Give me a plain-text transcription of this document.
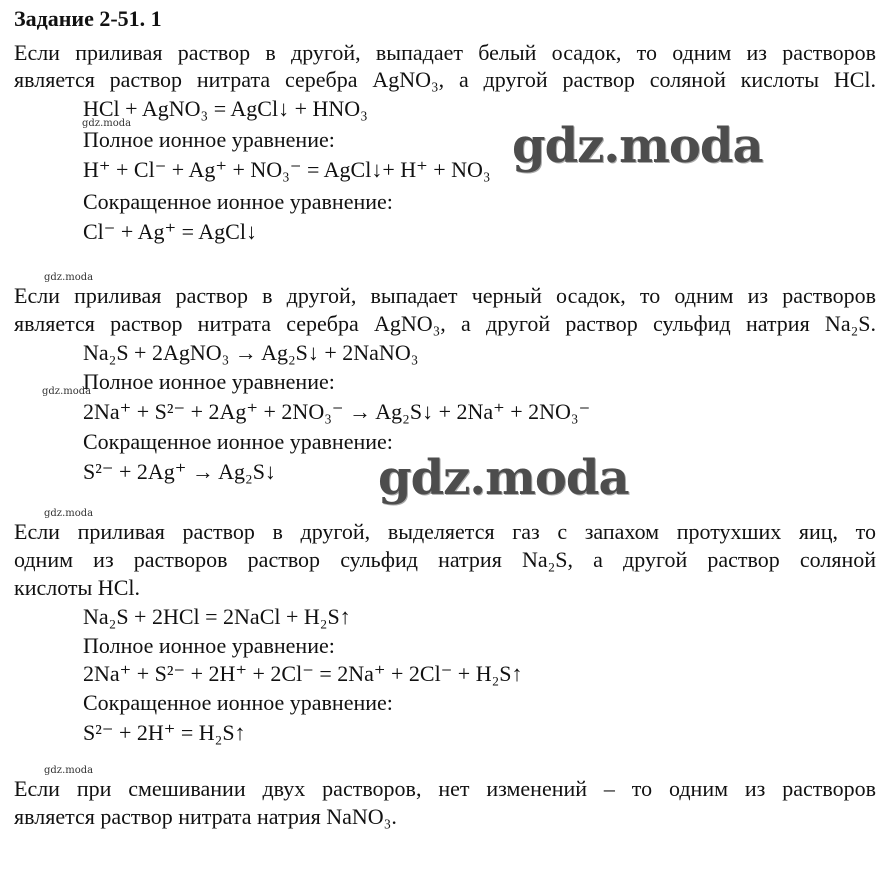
Задание 2-51. 1
Если приливая раствор в другой, выпадает белый осадок, то одним из растворов
является раствор нитрата серебра AgNO₃, а другой раствор соляной кислоты HCl.
HCl + AgNO₃ = AgCl↓ + HNO₃
Полное ионное уравнение:
H⁺ + Cl⁻ + Ag⁺ + NO₃⁻ = AgCl↓+ H⁺ + NO₃
Сокращенное ионное уравнение:
Cl⁻ + Ag⁺ = AgCl↓
Если приливая раствор в другой, выпадает черный осадок, то одним из растворов
является раствор нитрата серебра AgNO₃, а другой раствор сульфид натрия Na₂S.
Na₂S + 2AgNO₃ → Ag₂S↓ + 2NaNO₃
Полное ионное уравнение:
2Na⁺ + S²⁻ + 2Ag⁺ + 2NO₃⁻ → Ag₂S↓ + 2Na⁺ + 2NO₃⁻
Сокращенное ионное уравнение:
S²⁻ + 2Ag⁺ → Ag₂S↓
Если приливая раствор в другой, выделяется газ с запахом протухших яиц, то
одним из растворов раствор сульфид натрия Na₂S, а другой раствор соляной
кислоты HCl.
Na₂S + 2HCl = 2NaCl + H₂S↑
Полное ионное уравнение:
2Na⁺ + S²⁻ + 2H⁺ + 2Cl⁻ = 2Na⁺ + 2Cl⁻ + H₂S↑
Сокращенное ионное уравнение:
S²⁻ + 2H⁺ = H₂S↑
Если при смешивании двух растворов, нет изменений – то одним из растворов
является раствор нитрата натрия NaNO₃.
gdz.moda
gdz.moda
gdz.moda
gdz.moda
gdz.moda
gdz.moda
gdz.moda
